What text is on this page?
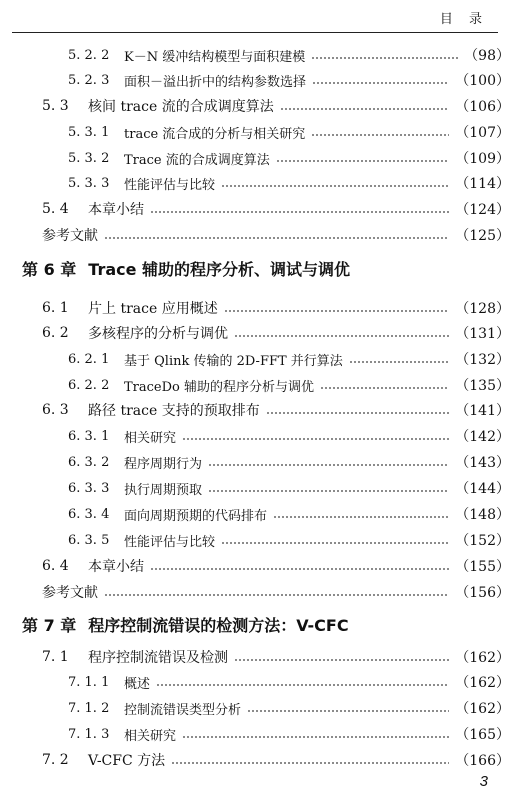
目 录
5. 2. 2	K－N 缓冲结构模型与面积建模	（98）
5. 2. 3	面积－溢出折中的结构参数选择	（100）
5. 3	核间 trace 流的合成调度算法	（106）
5. 3. 1	trace 流合成的分析与相关研究	（107）
5. 3. 2	Trace 流的合成调度算法	（109）
5. 3. 3	性能评估与比较	（114）
5. 4	本章小结	（124）
参考文献	（125）
第 6 章 Trace 辅助的程序分析、调试与调优
6. 1	片上 trace 应用概述	（128）
6. 2	多核程序的分析与调优	（131）
6. 2. 1	基于 Qlink 传输的 2D-FFT 并行算法	（132）
6. 2. 2	TraceDo 辅助的程序分析与调优	（135）
6. 3	路径 trace 支持的预取排布	（141）
6. 3. 1	相关研究	（142）
6. 3. 2	程序周期行为	（143）
6. 3. 3	执行周期预取	（144）
6. 3. 4	面向周期预期的代码排布	（148）
6. 3. 5	性能评估与比较	（152）
6. 4	本章小结	（155）
参考文献	（156）
第 7 章 程序控制流错误的检测方法：V-CFC
7. 1	程序控制流错误及检测	（162）
7. 1. 1	概述	（162）
7. 1. 2	控制流错误类型分析	（162）
7. 1. 3	相关研究	（165）
7. 2	V-CFC 方法	（166）
3
